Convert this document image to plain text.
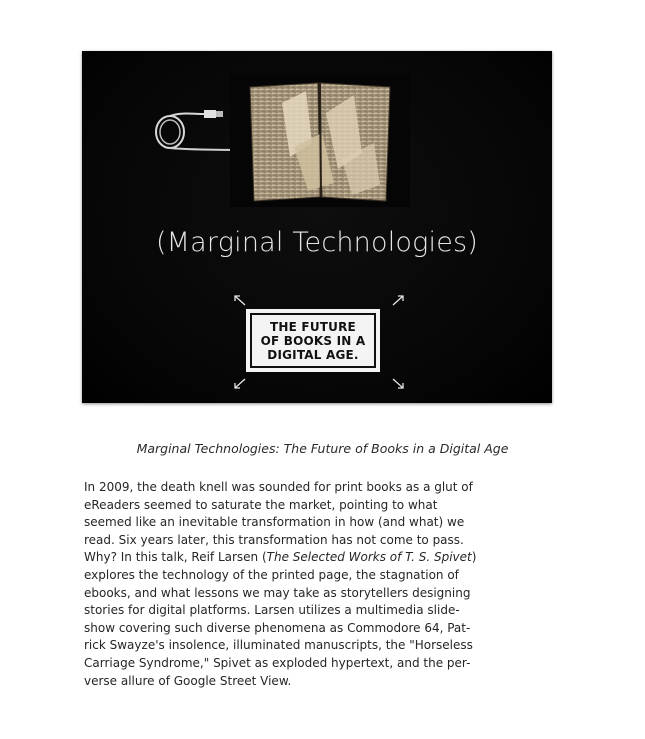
(Marginal Technologies)
THE FUTURE
OF BOOKS IN A
DIGITAL AGE.
Marginal Technologies: The Future of Books in a Digital Age
In 2009, the death knell was sounded for print books as a glut of
eReaders seemed to saturate the market, pointing to what
seemed like an inevitable transformation in how (and what) we
read. Six years later, this transformation has not come to pass.
Why? In this talk, Reif Larsen (The Selected Works of T. S. Spivet)
explores the technology of the printed page, the stagnation of
ebooks, and what lessons we may take as storytellers designing
stories for digital platforms. Larsen utilizes a multimedia slide-
show covering such diverse phenomena as Commodore 64, Pat-
rick Swayze's insolence, illuminated manuscripts, the "Horseless
Carriage Syndrome," Spivet as exploded hypertext, and the per-
verse allure of Google Street View.
